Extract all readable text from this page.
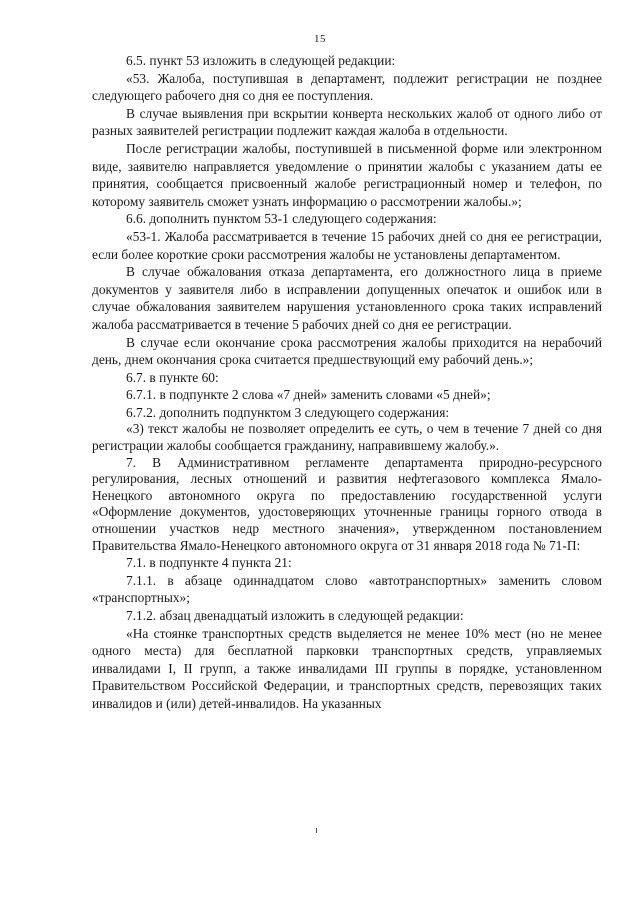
15

6.5. пункт 53 изложить в следующей редакции:

«53. Жалоба, поступившая в департамент, подлежит регистрации не позднее следующего рабочего дня со дня ее поступления.

В случае выявления при вскрытии конверта нескольких жалоб от одного либо от разных заявителей регистрации подлежит каждая жалоба в отдельности.

После регистрации жалобы, поступившей в письменной форме или электронном виде, заявителю направляется уведомление о принятии жалобы с указанием даты ее принятия, сообщается присвоенный жалобе регистрационный номер и телефон, по которому заявитель сможет узнать информацию о рассмотрении жалобы.»;

6.6. дополнить пунктом 53-1 следующего содержания:

«53-1. Жалоба рассматривается в течение 15 рабочих дней со дня ее регистрации, если более короткие сроки рассмотрения жалобы не установлены департаментом.

В случае обжалования отказа департамента, его должностного лица в приеме документов у заявителя либо в исправлении допущенных опечаток и ошибок или в случае обжалования заявителем нарушения установленного срока таких исправлений жалоба рассматривается в течение 5 рабочих дней со дня ее регистрации.

В случае если окончание срока рассмотрения жалобы приходится на нерабочий день, днем окончания срока считается предшествующий ему рабочий день.»;

6.7. в пункте 60:

6.7.1. в подпункте 2 слова «7 дней» заменить словами «5 дней»;

6.7.2. дополнить подпунктом 3 следующего содержания:

«3) текст жалобы не позволяет определить ее суть, о чем в течение 7 дней со дня регистрации жалобы сообщается гражданину, направившему жалобу.».

7. В Административном регламенте департамента природно-ресурсного регулирования, лесных отношений и развития нефтегазового комплекса Ямало-Ненецкого автономного округа по предоставлению государственной услуги «Оформление документов, удостоверяющих уточненные границы горного отвода в отношении участков недр местного значения», утвержденном постановлением Правительства Ямало-Ненецкого автономного округа от 31 января 2018 года № 71-П:

7.1. в подпункте 4 пункта 21:

7.1.1. в абзаце одиннадцатом слово «автотранспортных» заменить словом «транспортных»;

7.1.2. абзац двенадцатый изложить в следующей редакции:

«На стоянке транспортных средств выделяется не менее 10% мест (но не менее одного места) для бесплатной парковки транспортных средств, управляемых инвалидами I, II групп, а также инвалидами III группы в порядке, установленном Правительством Российской Федерации, и транспортных средств, перевозящих таких инвалидов и (или) детей-инвалидов. На указанных
